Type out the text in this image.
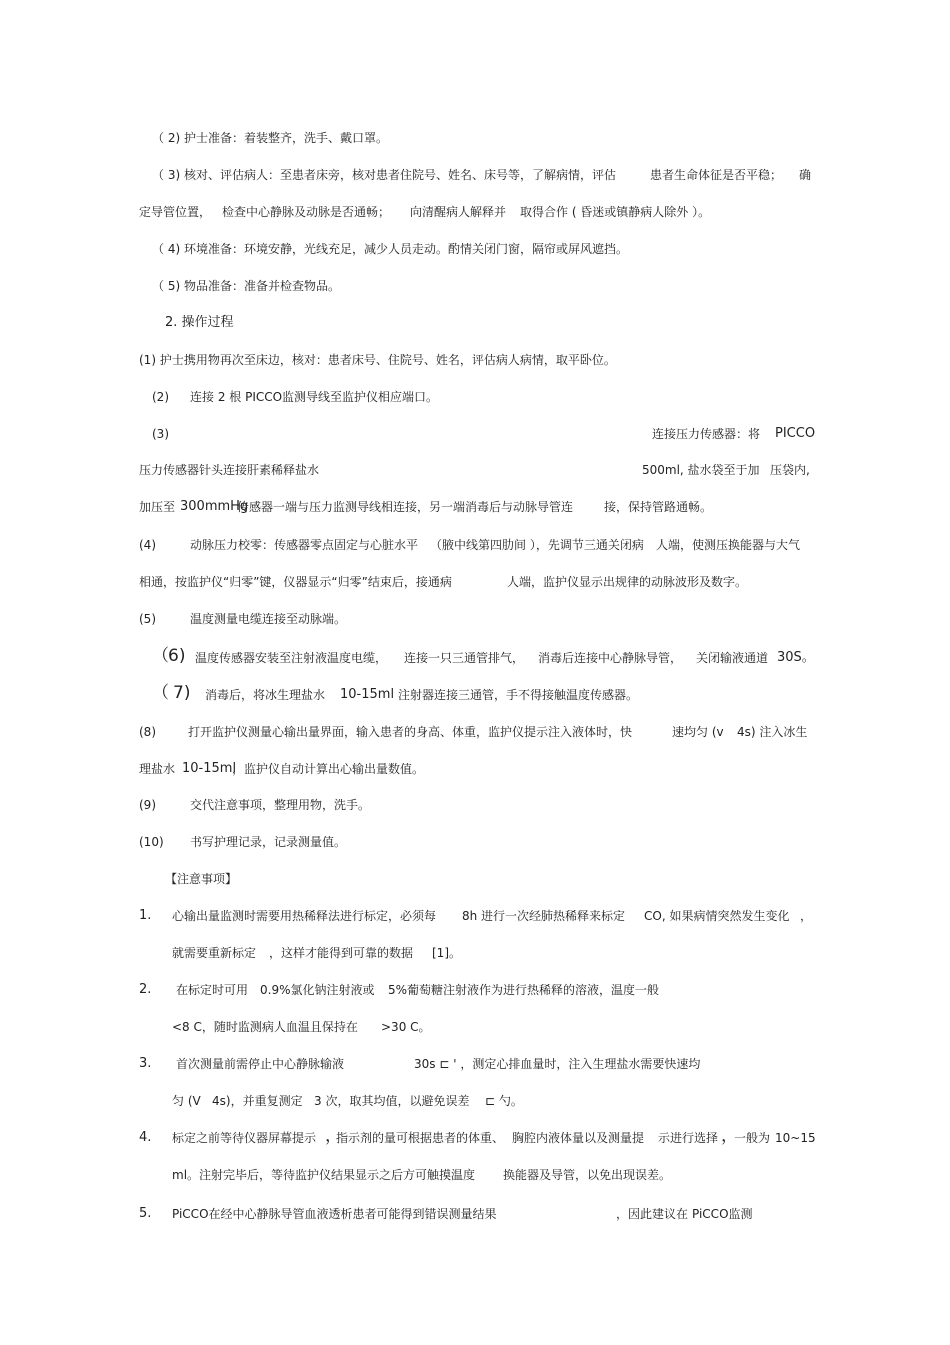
（ 2) 护士准备：着装整齐，洗手、戴口罩。
（ 3) 核对、评估病人：至患者床旁，核对患者住院号、姓名、床号等，了解病情，评估	患者生命体征是否平稳； 确
定导管位置， 检查中心静脉及动脉是否通畅； 向清醒病人解释并 取得合作 ( 昏迷或镇静病人除外 ）。
（ 4) 环境准备：环境安静，光线充足，减少人员走动。酌情关闭门窗，隔帘或屏风遮挡。
（ 5) 物品准备：准备并检查物品。
2. 操作过程
(1) 护士携用物再次至床边，核对：患者床号、住院号、姓名，评估病人病情，取平卧位。
(2) 连接 2 根 PICCO监测导线至监护仪相应端口。
(3)	连接压力传感器：将 PICCO
压力传感器针头连接肝素稀释盐水	500ml, 盐水袋至于加 压袋内,
加压至 300mmHg
传感器一端与压力监测导线相连接，另一端消毒后与动脉导管连	接，保持管路通畅。
(4)	动脉压力校零：传感器零点固定与心脏水平 （腋中线第四肋间 ），先调节三通关闭病 人端，使测压换能器与大气
相通，按监护仪“归零”键，仪器显示“归零”结束后，接通病	人端，监护仪显示出规律的动脉波形及数字。
(5)	温度测量电缆连接至动脉端。
（ 6) 温度传感器安装至注射液温度电缆， 连接一只三通管排气， 消毒后连接中心静脉导管， 关闭输液通道 30S。
（ 7) 消毒后，将冰生理盐水 10-15ml 注射器连接三通管，手不得接触温度传感器。
(8)	打开监护仪测量心输出量界面，输入患者的身高、体重，监护仪提示注入液体时，快	速均匀 (v 4s) 注入冰生
理盐水 10-15ml
，监护仪自动计算出心输出量数值。
(9)	交代注意事项，整理用物，洗手。
(10) 书写护理记录，记录测量值。
【注意事项】
1. 心输出量监测时需要用热稀释法进行标定，必须每 8h 进行一次经肺热稀释来标定 CO, 如果病情突然发生变化 ，
就需要重新标定 ，这样才能得到可靠的数据 [1]。
2. 在标定时可用 0.9%氯化钠注射液或 5%葡萄糖注射液作为进行热稀释的溶液，温度一般
<8 C，随时监测病人血温且保持在 >30 C。
3. 首次测量前需停止中心静脉输液	30s ⊏ ' ，测定心排血量时，注入生理盐水需要快速均
匀 (V 4s)，并重复测定 3 次，取其均值，以避免误差 ⊏ 勺。
4. 标定之前等待仪器屏幕提示 ，
指示剂的量可根据患者的体重、 胸腔内液体量以及测量提 示进行选择 ，
一般为 10~15
ml。注射完毕后，等待监护仪结果显示之后方可触摸温度 换能器及导管，以免出现误差。
5. PiCCO在经中心静脉导管血液透析患者可能得到错误测量结果	，因此建议在 PiCCO监测
